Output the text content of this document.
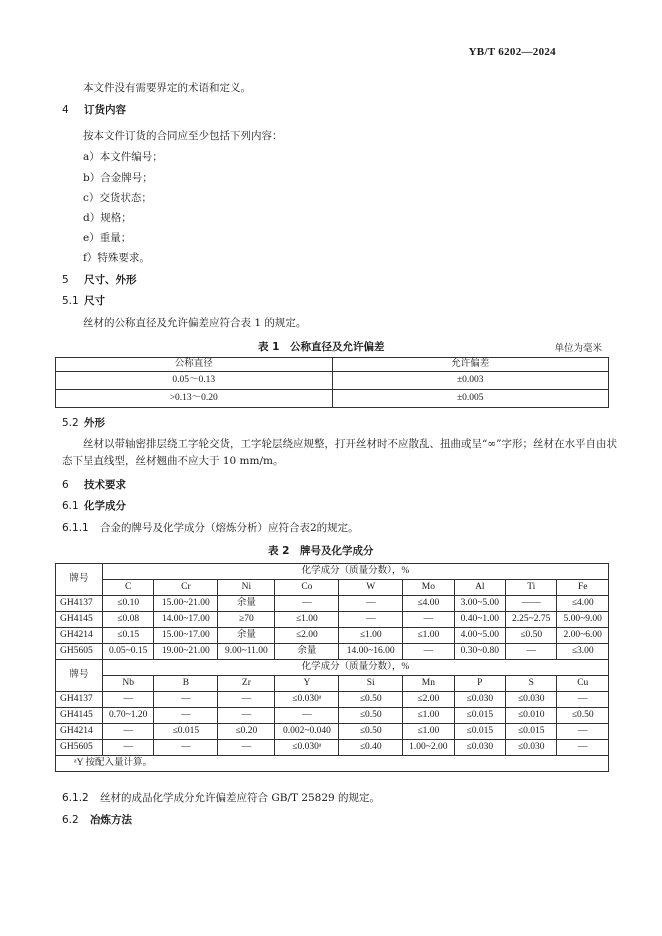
YB/T 6202—2024
本文件没有需要界定的术语和定义。
4 订货内容
按本文件订货的合同应至少包括下列内容：
a）本文件编号；
b）合金牌号；
c）交货状态；
d）规格；
e）重量；
f）特殊要求。
5 尺寸、外形
5.1 尺寸
丝材的公称直径及允许偏差应符合表 1 的规定。
表 1　公称直径及允许偏差	单位为毫米
公称直径	允许偏差
0.05～0.13	±0.003
>0.13～0.20	±0.005
5.2 外形
丝材以带轴密排层绕工字轮交货，工字轮层绕应规整，打开丝材时不应散乱、扭曲或呈“∞”字形；丝材在水平自由状态下呈直线型，丝材翘曲不应大于 10 mm/m。
6 技术要求
6.1 化学成分
6.1.1 合金的牌号及化学成分（熔炼分析）应符合表2的规定。
表 2　牌号及化学成分
牌号	化学成分（质量分数），%								
	C	Cr	Ni	Co	W	Mo	Al	Ti	Fe
GH4137	≤0.10	15.00~21.00	余量	—	—	≤4.00	3.00~5.00	——	≤4.00
GH4145	≤0.08	14.00~17.00	≥70	≤1.00	—	—	0.40~1.00	2.25~2.75	5.00~9.00
GH4214	≤0.15	15.00~17.00	余量	≤2.00	≤1.00	≤1.00	4.00~5.00	≤0.50	2.00~6.00
GH5605	0.05~0.15	19.00~21.00	9.00~11.00	余量	14.00~16.00	—	0.30~0.80	—	≤3.00
牌号	化学成分（质量分数），%								
	Nb	B	Zr	Y	Si	Mn	P	S	Cu
GH4137	—	—	—	≤0.030ᵃ	≤0.50	≤2.00	≤0.030	≤0.030	—
GH4145	0.70~1.20	—	—	—	≤0.50	≤1.00	≤0.015	≤0.010	≤0.50
GH4214	—	≤0.015	≤0.20	0.002~0.040	≤0.50	≤1.00	≤0.015	≤0.015	—
GH5605	—	—	—	≤0.030ᵃ	≤0.40	1.00~2.00	≤0.030	≤0.030	—
ᵃY 按配入量计算。									
6.1.2 丝材的成品化学成分允许偏差应符合 GB/T 25829 的规定。
6.2 冶炼方法
